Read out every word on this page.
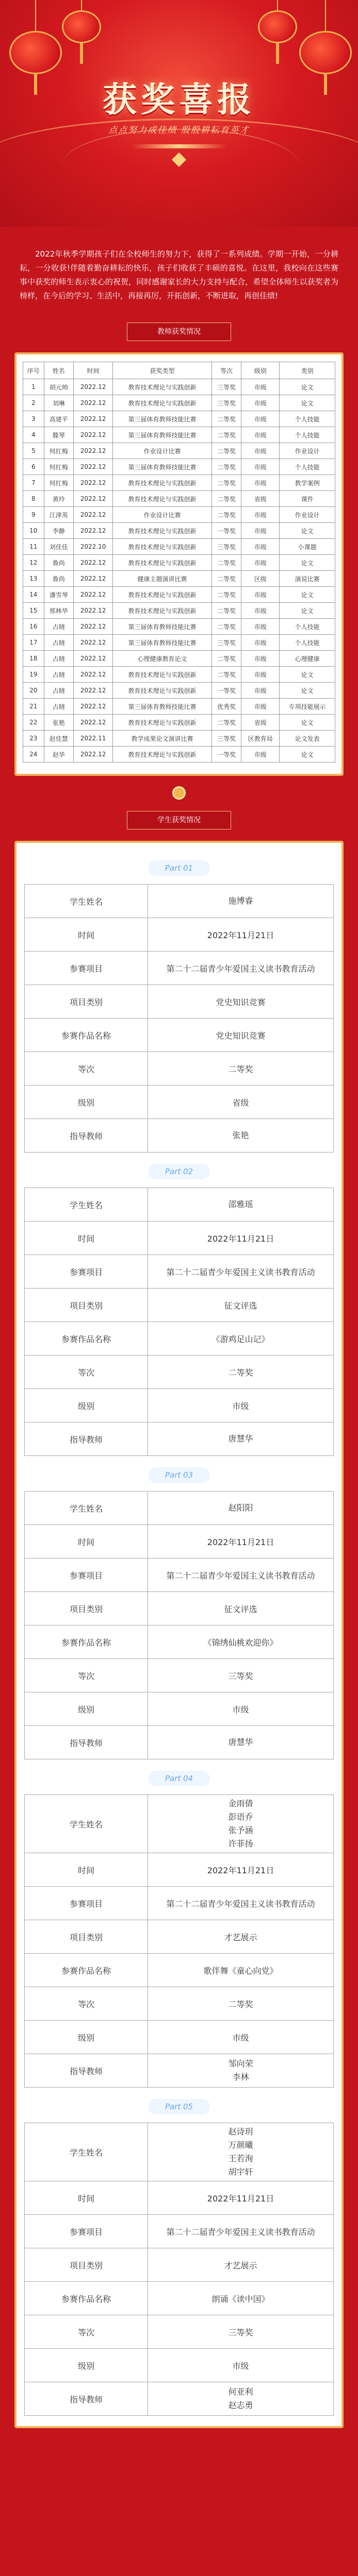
获奖喜报
点点努力成佳绩 殷殷耕耘育英才
2022年秋季学期孩子们在全校师生的努力下，获得了一系列成绩。学期一开始，一分耕耘，一分收获!伴随着勤奋耕耘的快乐，孩子们收获了丰硕的喜悦。在这里，我校向在这些赛事中获奖的师生表示衷心的祝贺，同时感谢家长的大力支持与配合，希望全体师生以获奖者为榜样，在今后的学习、生活中，再接再厉，开拓创新，不断进取，再创佳绩!
教师获奖情况
序号	姓名	时间	获奖类型	等次	级别	类别
1	胡元帅	2022.12	教育技术理论与实践创新	三等奖	市级	论文
2	刘琳	2022.12	教育技术理论与实践创新	三等奖	市级	论文
3	高建平	2022.12	第三届体育教师技能比赛	二等奖	市级	个人技能
4	滕琴	2022.12	第三届体育教师技能比赛	二等奖	市级	个人技能
5	何红梅	2022.12	作业设计比赛	二等奖	市级	作业设计
6	何红梅	2022.12	第三届体育教师技能比赛	二等奖	市级	个人技能
7	何红梅	2022.12	教育技术理论与实践创新	二等奖	市级	教学案例
8	黄玲	2022.12	教育技术理论与实践创新	二等奖	省级	课件
9	江津英	2022.12	作业设计比赛	二等奖	市级	作业设计
10	李静	2022.12	教育技术理论与实践创新	一等奖	市级	论文
11	刘佳佳	2022.10	教育技术理论与实践创新	三等奖	市级	小课题
12	鲁尚	2022.12	教育技术理论与实践创新	二等奖	市级	论文
13	鲁尚	2022.12	健康主题演讲比赛	二等奖	区级	演说比赛
14	潘雪琴	2022.12	教育技术理论与实践创新	二等奖	市级	论文
15	邢林华	2022.12	教育技术理论与实践创新	二等奖	市级	论文
16	占晓	2022.12	第三届体育教师技能比赛	二等奖	市级	个人技能
17	占晓	2022.12	第三届体育教师技能比赛	三等奖	市级	个人技能
18	占晓	2022.12	心理健康教育论文	二等奖	市级	心理健康
19	占晓	2022.12	教育技术理论与实践创新	二等奖	市级	论文
20	占晓	2022.12	教育技术理论与实践创新	一等奖	市级	论文
21	占晓	2022.12	第三届体育教师技能比赛	优秀奖	市级	专项技能展示
22	张艳	2022.12	教育技术理论与实践创新	二等奖	省级	论文
23	赵佳慧	2022.11	教学成果论文演讲比赛	三等奖	区教育局	论文发表
24	赵华	2022.12	教育技术理论与实践创新	一等奖	市级	论文
学生获奖情况
Part 01
学生姓名	施博睿

时间	2022年11月21日
参赛项目	第二十二届青少年爱国主义读书教育活动
项目类别	党史知识竞赛
参赛作品名称	党史知识竞赛
等次	二等奖
级别	省级
指导教师	张艳
Part 02
学生姓名	邵雅瑶

时间	2022年11月21日
参赛项目	第二十二届青少年爱国主义读书教育活动
项目类别	征文评选
参赛作品名称	《游鸡足山记》
等次	二等奖
级别	市级
指导教师	唐慧华
Part 03
学生姓名	赵阳阳

时间	2022年11月21日
参赛项目	第二十二届青少年爱国主义读书教育活动
项目类别	征文评选
参赛作品名称	《锦绣仙桃欢迎你》
等次	三等奖
级别	市级
指导教师	唐慧华
Part 04
学生姓名	金雨倩
彭语乔
张予涵
许菲扬

时间	2022年11月21日
参赛项目	第二十二届青少年爱国主义读书教育活动
项目类别	才艺展示
参赛作品名称	歌伴舞《童心向党》
等次	二等奖
级别	市级
指导教师	邹向荣
李林
Part 05
学生姓名	赵诗玥
万颜曦
王若洵
胡宇轩

时间	2022年11月21日
参赛项目	第二十二届青少年爱国主义读书教育活动
项目类别	才艺展示
参赛作品名称	朗诵《读中国》
等次	三等奖
级别	市级
指导教师	何亚利
赵志勇
